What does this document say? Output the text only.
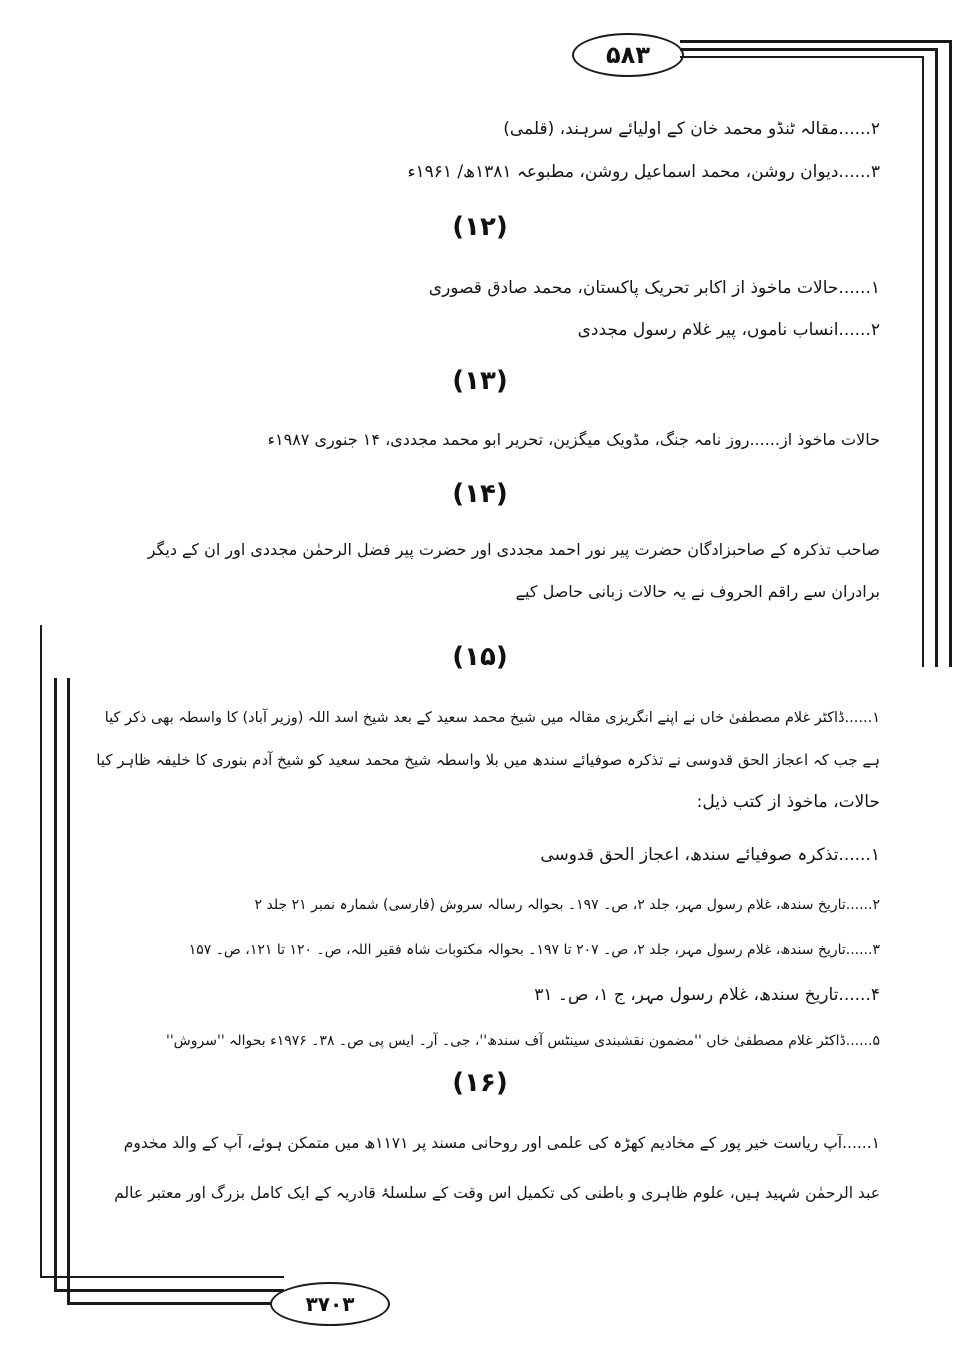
۵۸۳
۳۷۰۳
۲......مقالہ ٹنڈو محمد خان کے اولیائے سرہند، (قلمی)
۳......دیوان روشن، محمد اسماعیل روشن، مطبوعہ ۱۳۸۱ھ/ ۱۹۶۱ء
(۱۲)
۱......حالات ماخوذ از اکابر تحریک پاکستان، محمد صادق قصوری
۲......انساب ناموں، پیر غلام رسول مجددی
(۱۳)
حالات ماخوذ از......روز نامہ جنگ، مڈویک میگزین، تحریر ابو محمد مجددی، ۱۴ جنوری ۱۹۸۷ء
(۱۴)
صاحب تذکرہ کے صاحبزادگان حضرت پیر نور احمد مجددی اور حضرت پیر فضل الرحمٰن مجددی اور ان کے دیگر
برادران سے راقم الحروف نے یہ حالات زبانی حاصل کیے
(۱۵)
۱......ڈاکٹر غلام مصطفیٰ خاں نے اپنے انگریزی مقالہ میں شیخ محمد سعید کے بعد شیخ اسد اللہ (وزیر آباد) کا واسطہ بھی ذکر کیا
ہے جب کہ اعجاز الحق قدوسی نے تذکرہ صوفیائے سندھ میں بلا واسطہ شیخ محمد سعید کو شیخ آدم بنوری کا خلیفہ ظاہر کیا
حالات، ماخوذ از کتب ذیل:
۱......تذکرہ صوفیائے سندھ، اعجاز الحق قدوسی
۲......تاریخ سندھ، غلام رسول مہر، جلد ۲، ص۔ ۱۹۷۔ بحوالہ رسالہ سروش (فارسی) شمارہ نمبر ۲۱ جلد ۲
۳......تاریخ سندھ، غلام رسول مہر، جلد ۲، ص۔ ۲۰۷ تا ۱۹۷۔ بحوالہ مکتوبات شاہ فقیر اللہ، ص۔ ۱۲۰ تا ۱۲۱، ص۔ ۱۵۷
۴......تاریخ سندھ، غلام رسول مہر، ج ۱، ص۔ ۳۱
۵......ڈاکٹر غلام مصطفیٰ خاں ''مضمون نقشبندی سینٹس آف سندھ''، جی۔ آر۔ ایس پی ص۔ ۳۸۔ ۱۹۷۶ء بحوالہ ''سروش''
(۱۶)
۱......آپ ریاست خیر پور کے مخادیم کھڑہ کی علمی اور روحانی مسند پر ۱۱۷۱ھ میں متمکن ہوئے، آپ کے والد مخدوم
عبد الرحمٰن شہید ہیں، علوم ظاہری و باطنی کی تکمیل اس وقت کے سلسلۂ قادریہ کے ایک کامل بزرگ اور معتبر عالم
